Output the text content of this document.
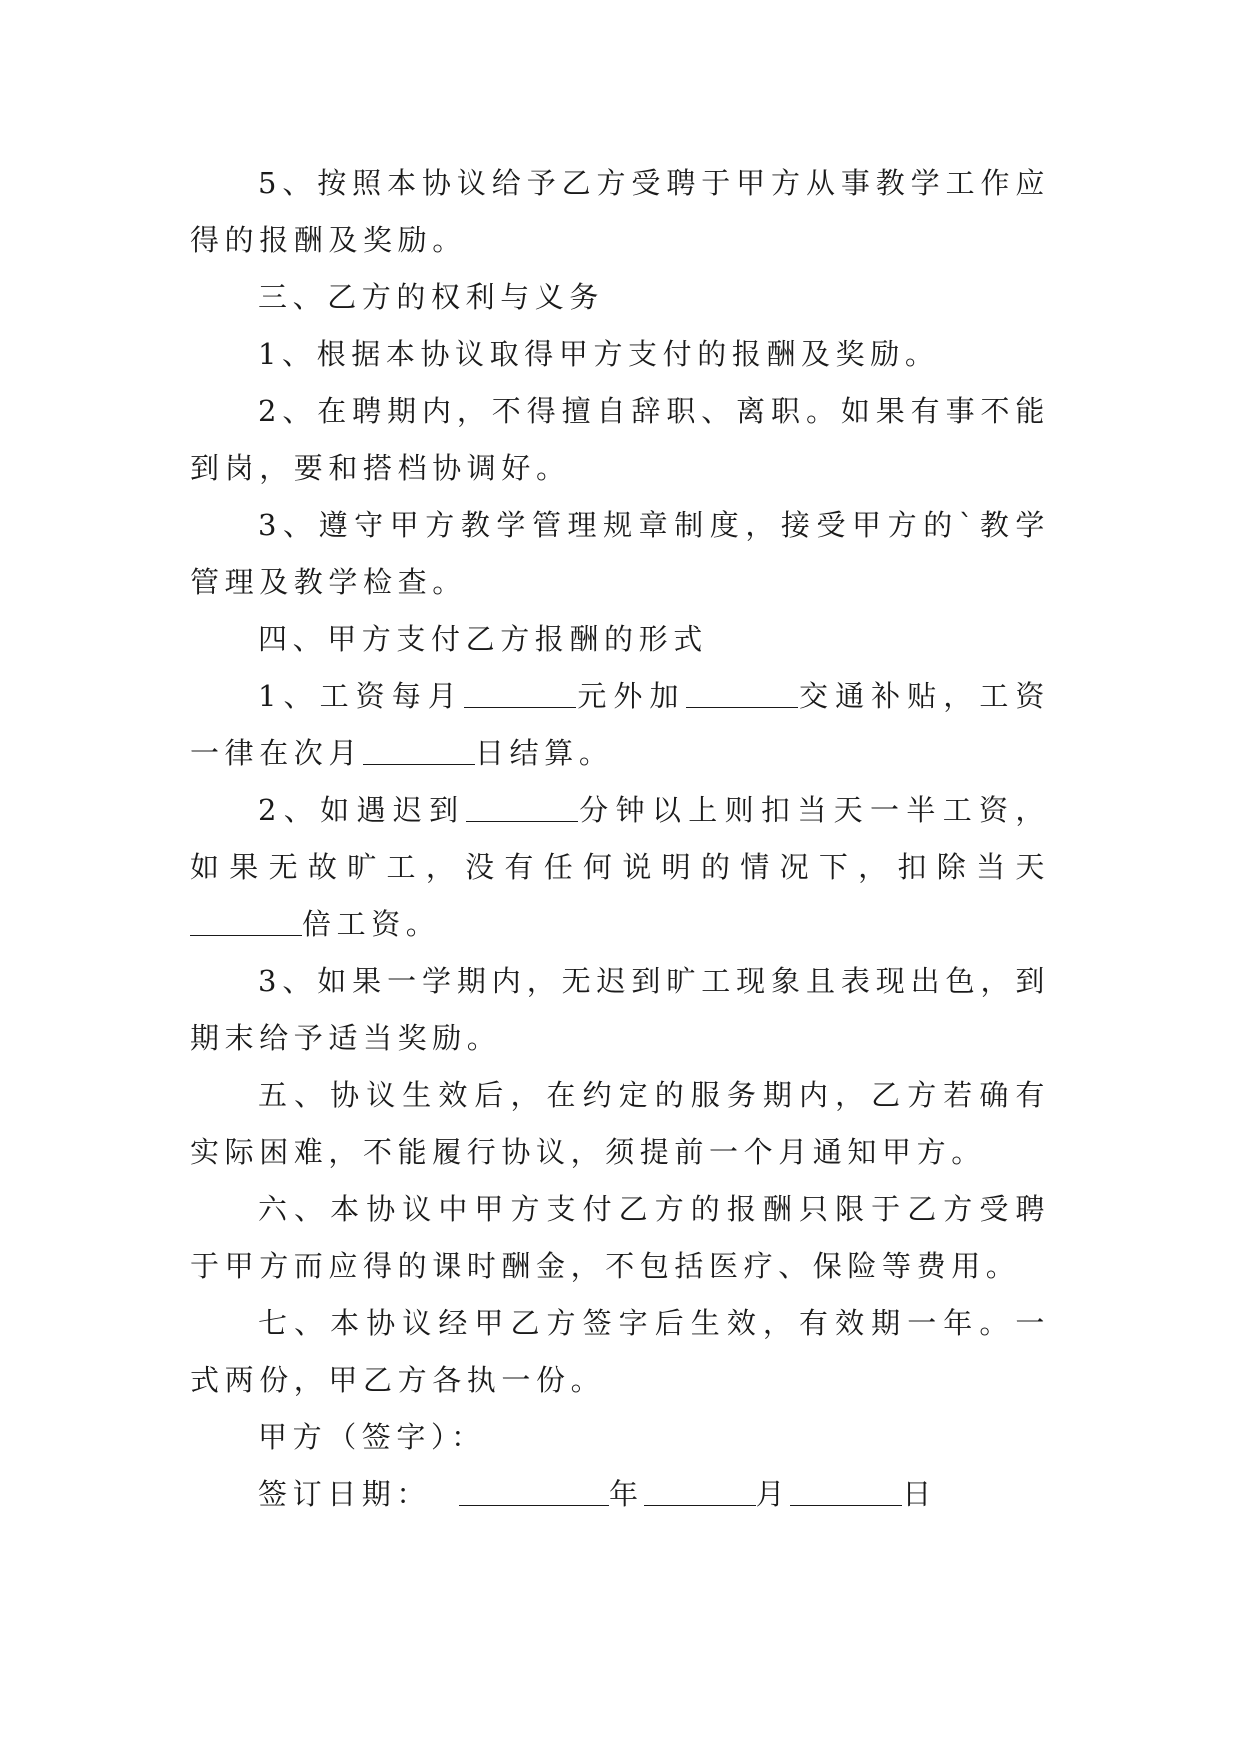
5、按照本协议给予乙方受聘于甲方从事教学工作应得的报酬及奖励。

三、乙方的权利与义务

1、根据本协议取得甲方支付的报酬及奖励。

2、在聘期内，不得擅自辞职、离职。如果有事不能到岗，要和搭档协调好。

3、遵守甲方教学管理规章制度，接受甲方的`教学管理及教学检查。

四、甲方支付乙方报酬的形式

1、工资每月	元外加	交通补贴，工资一律在次月	日结算。

2、如遇迟到	分钟以上则扣当天一半工资，如果无故旷工，没有任何说明的情况下，扣除当天倍工资。

3、如果一学期内，无迟到旷工现象且表现出色，到期末给予适当奖励。

五、协议生效后，在约定的服务期内，乙方若确有实际困难，不能履行协议，须提前一个月通知甲方。

六、本协议中甲方支付乙方的报酬只限于乙方受聘于甲方而应得的课时酬金，不包括医疗、保险等费用。

七、本协议经甲乙方签字后生效，有效期一年。一式两份，甲乙方各执一份。

甲方（签字）：

签订日期：	年	月	日
